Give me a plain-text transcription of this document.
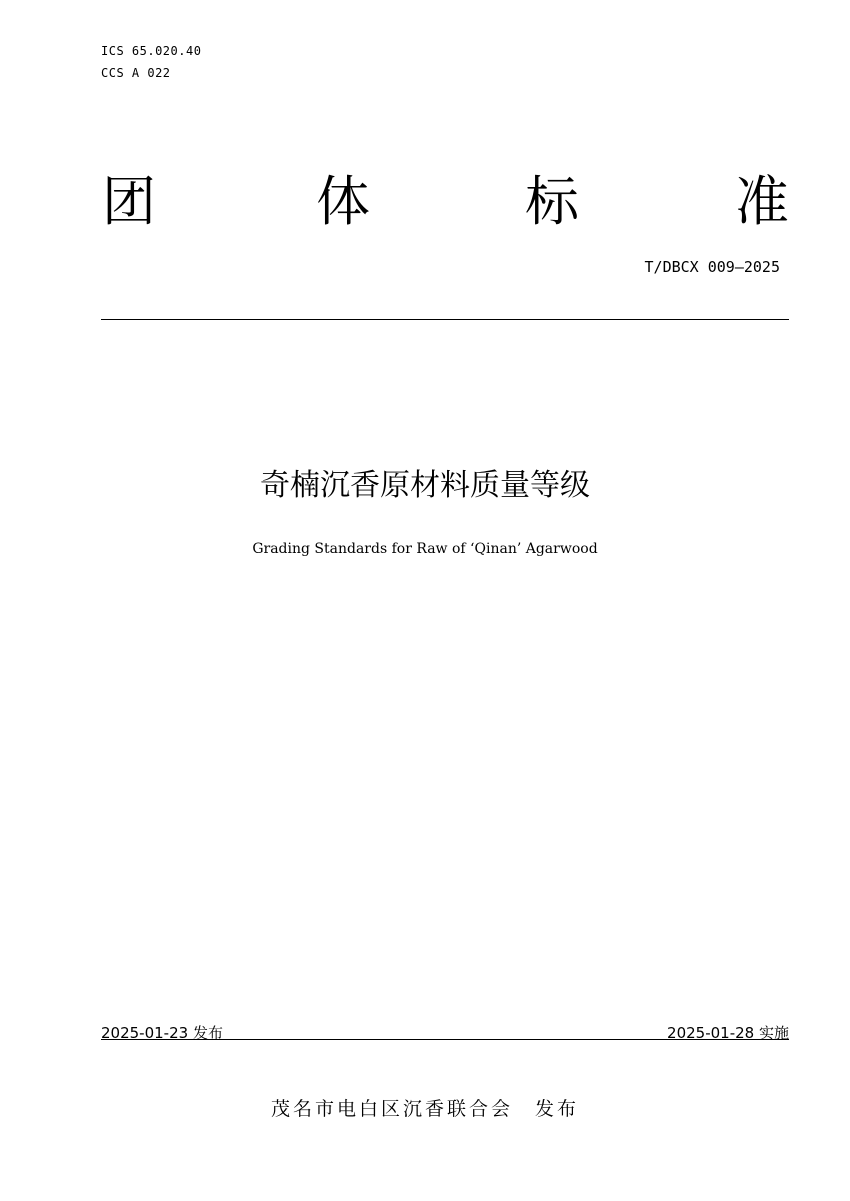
ICS 65.020.40
CCS A 022
团	体	标	准
T/DBCX 009—2025
奇楠沉香原材料质量等级
Grading Standards for Raw of ‘Qinan’ Agarwood
2025-01-23 发布	2025-01-28 实施
茂名市电白区沉香联合会　发布
